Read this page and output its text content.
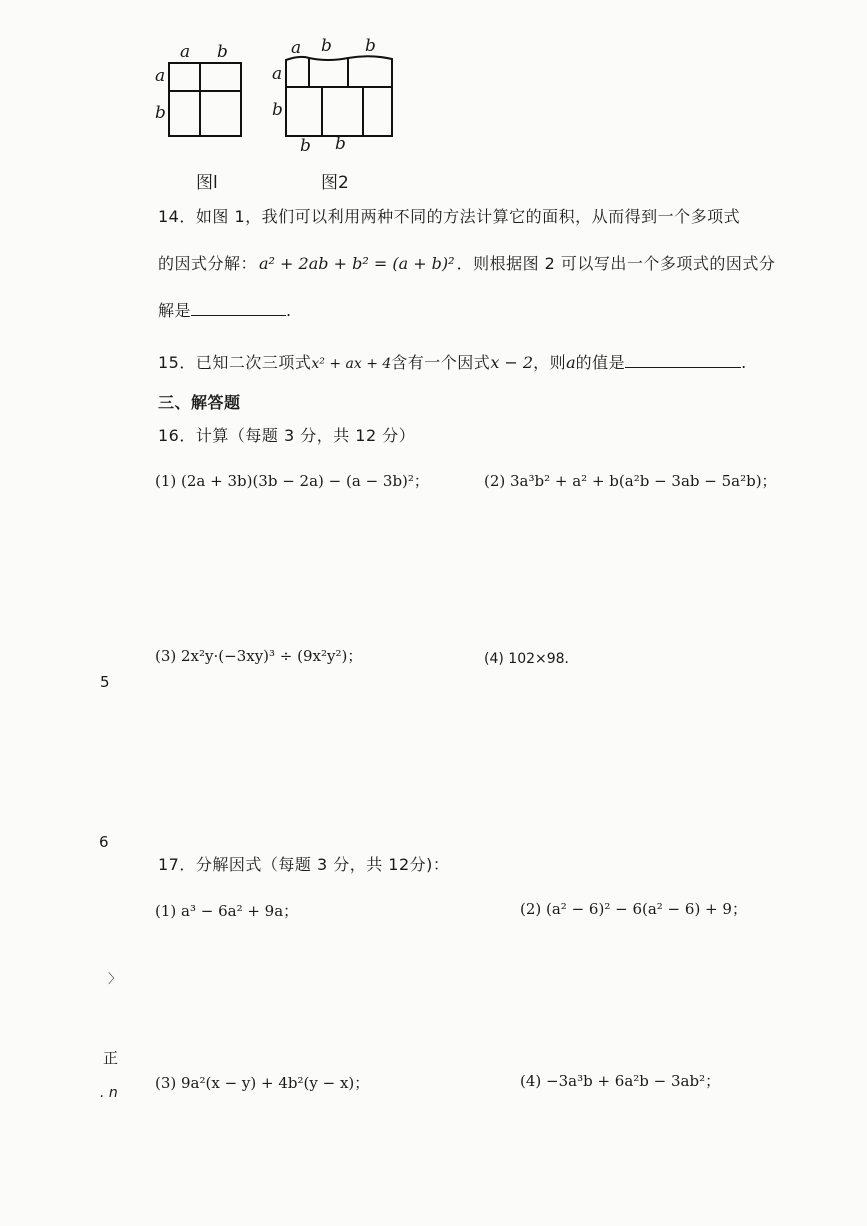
a b
a
b
图l
a b b
a
b
b b
图2
14．如图 1，我们可以利用两种不同的方法计算它的面积，从而得到一个多项式
的因式分解： a² + 2ab + b² = (a + b)² ．则根据图 2 可以写出一个多项式的因式分
解是	.
15．已知二次三项式x² + ax + 4含有一个因式x − 2，则a的值是	.
三、解答题
16．计算（每题 3 分，共 12 分）
(1) (2a + 3b)(3b − 2a) − (a − 3b)²；	(2) 3a³b² + a² + b(a²b − 3ab − 5a²b)；
(3) 2x²y·(−3xy)³ ÷ (9x²y²)；	(4) 102×98．
5
6
〉
正
. n
17．分解因式（每题 3 分，共 12分)：
(1) a³ − 6a² + 9a；	(2) (a² − 6)² − 6(a² − 6) + 9；
(3) 9a²(x − y) + 4b²(y − x)；	(4) −3a³b + 6a²b − 3ab²；
